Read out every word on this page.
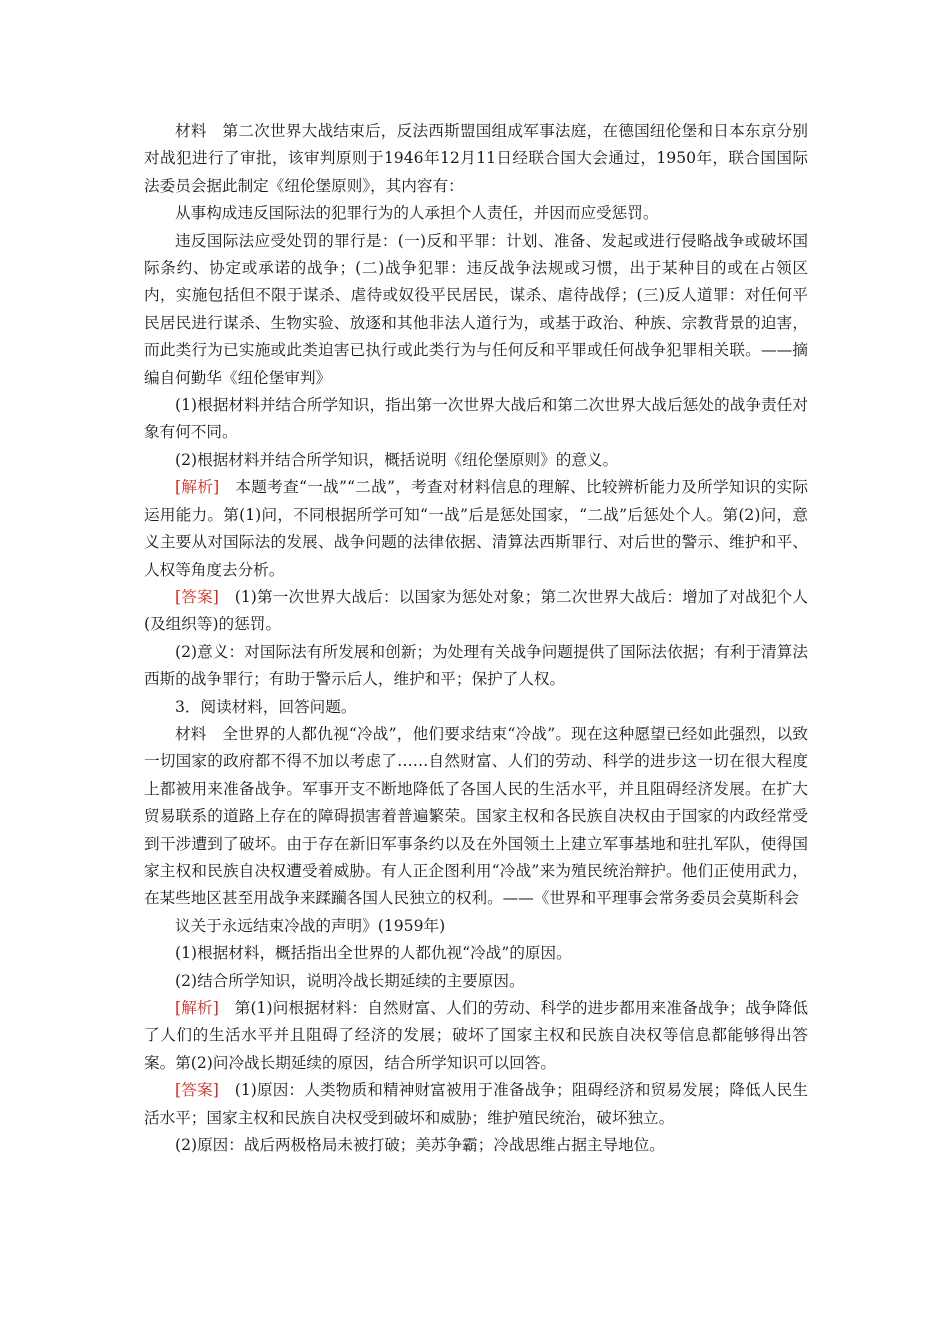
材料　第二次世界大战结束后，反法西斯盟国组成军事法庭，在德国纽伦堡和日本东京分别对战犯进行了审批，该审判原则于1946年12月11日经联合国大会通过，1950年，联合国国际法委员会据此制定《纽伦堡原则》，其内容有：

从事构成违反国际法的犯罪行为的人承担个人责任，并因而应受惩罚。

违反国际法应受处罚的罪行是：(一)反和平罪：计划、准备、发起或进行侵略战争或破坏国际条约、协定或承诺的战争；(二)战争犯罪：违反战争法规或习惯，出于某种目的或在占领区内，实施包括但不限于谋杀、虐待或奴役平民居民，谋杀、虐待战俘；(三)反人道罪：对任何平民居民进行谋杀、生物实验、放逐和其他非法人道行为，或基于政治、种族、宗教背景的迫害，而此类行为已实施或此类迫害已执行或此类行为与任何反和平罪或任何战争犯罪相关联。——摘编自何勤华《纽伦堡审判》

(1)根据材料并结合所学知识，指出第一次世界大战后和第二次世界大战后惩处的战争责任对象有何不同。

(2)根据材料并结合所学知识，概括说明《纽伦堡原则》的意义。

[解析]　本题考查“一战”“二战”，考查对材料信息的理解、比较辨析能力及所学知识的实际运用能力。第(1)问，不同根据所学可知“一战”后是惩处国家，“二战”后惩处个人。第(2)问，意义主要从对国际法的发展、战争问题的法律依据、清算法西斯罪行、对后世的警示、维护和平、人权等角度去分析。

[答案]　(1)第一次世界大战后：以国家为惩处对象；第二次世界大战后：增加了对战犯个人(及组织等)的惩罚。

(2)意义：对国际法有所发展和创新；为处理有关战争问题提供了国际法依据；有利于清算法西斯的战争罪行；有助于警示后人，维护和平；保护了人权。

3．阅读材料，回答问题。

材料　全世界的人都仇视“冷战”，他们要求结束“冷战”。现在这种愿望已经如此强烈，以致一切国家的政府都不得不加以考虑了……自然财富、人们的劳动、科学的进步这一切在很大程度上都被用来准备战争。军事开支不断地降低了各国人民的生活水平，并且阻碍经济发展。在扩大贸易联系的道路上存在的障碍损害着普遍繁荣。国家主权和各民族自决权由于国家的内政经常受到干涉遭到了破坏。由于存在新旧军事条约以及在外国领土上建立军事基地和驻扎军队，使得国家主权和民族自决权遭受着威胁。有人正企图利用“冷战”来为殖民统治辩护。他们正使用武力，在某些地区甚至用战争来蹂躏各国人民独立的权利。——《世界和平理事会常务委员会莫斯科会

议关于永远结束冷战的声明》(1959年)

(1)根据材料，概括指出全世界的人都仇视“冷战”的原因。

(2)结合所学知识，说明冷战长期延续的主要原因。

[解析]　第(1)问根据材料：自然财富、人们的劳动、科学的进步都用来准备战争；战争降低了人们的生活水平并且阻碍了经济的发展；破坏了国家主权和民族自决权等信息都能够得出答案。第(2)问冷战长期延续的原因，结合所学知识可以回答。

[答案]　(1)原因：人类物质和精神财富被用于准备战争；阻碍经济和贸易发展；降低人民生活水平；国家主权和民族自决权受到破坏和威胁；维护殖民统治，破坏独立。

(2)原因：战后两极格局未被打破；美苏争霸；冷战思维占据主导地位。
